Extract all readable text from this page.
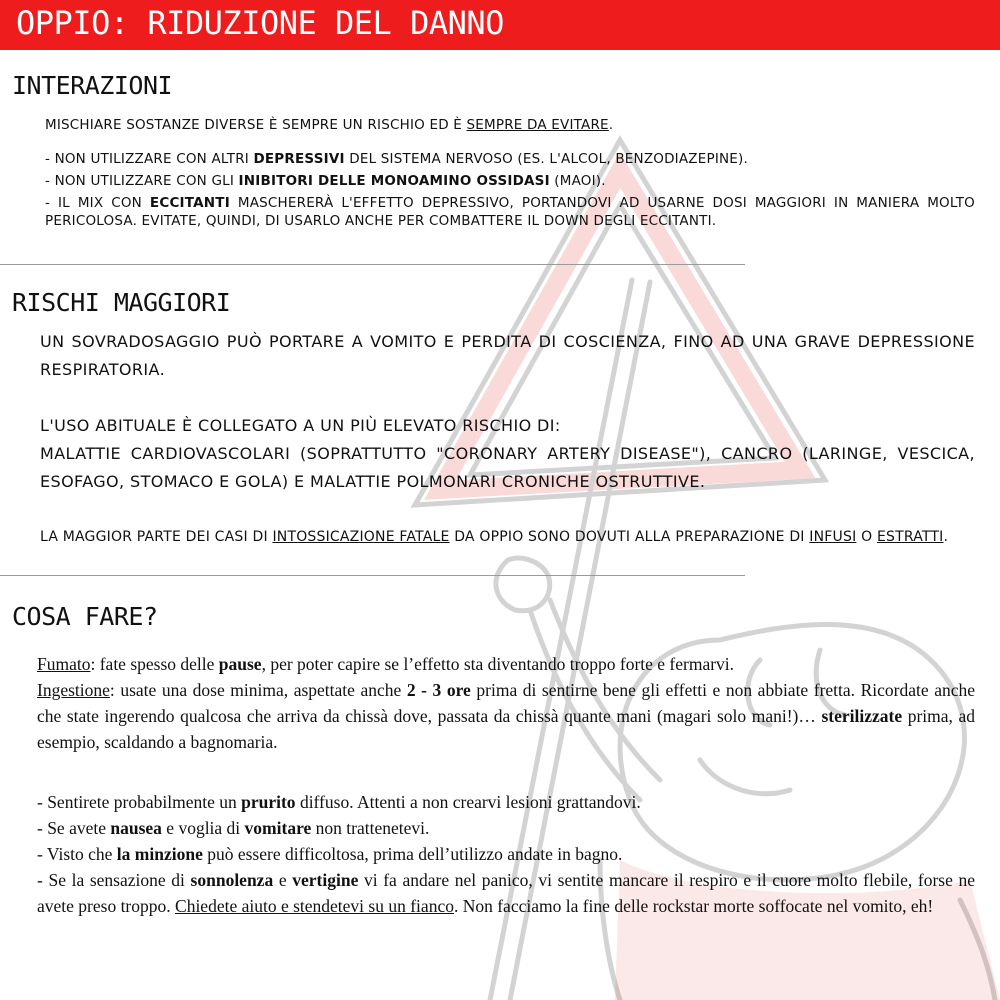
OPPIO: RIDUZIONE DEL DANNO
INTERAZIONI
MISCHIARE SOSTANZE DIVERSE È SEMPRE UN RISCHIO ED È SEMPRE DA EVITARE.

- NON UTILIZZARE CON ALTRI DEPRESSIVI DEL SISTEMA NERVOSO (ES. L'ALCOL, BENZODIAZEPINE).

- NON UTILIZZARE CON GLI INIBITORI DELLE MONOAMINO OSSIDASI (MAOI).

- IL MIX CON ECCITANTI MASCHERERÀ L'EFFETTO DEPRESSIVO, PORTANDOVI AD USARNE DOSI MAGGIORI IN MANIERA MOLTO PERICOLOSA. EVITATE, QUINDI, DI USARLO ANCHE PER COMBATTERE IL DOWN DEGLI ECCITANTI.

RISCHI MAGGIORI

UN SOVRADOSAGGIO PUÒ PORTARE A VOMITO E PERDITA DI COSCIENZA, FINO AD UNA GRAVE DEPRESSIONE RESPIRATORIA.

L'USO ABITUALE È COLLEGATO A UN PIÙ ELEVATO RISCHIO DI:

MALATTIE CARDIOVASCOLARI (SOPRATTUTTO "CORONARY ARTERY DISEASE"), CANCRO (LARINGE, VESCICA, ESOFAGO, STOMACO E GOLA) E MALATTIE POLMONARI CRONICHE OSTRUTTIVE.

LA MAGGIOR PARTE DEI CASI DI INTOSSICAZIONE FATALE DA OPPIO SONO DOVUTI ALLA PREPARAZIONE DI INFUSI O ESTRATTI.
COSA FARE?

Fumato: fate spesso delle pause, per poter capire se l’effetto sta diventando troppo forte e fermarvi.

Ingestione: usate una dose minima, aspettate anche 2 - 3 ore prima di sentirne bene gli effetti e non abbiate fretta. Ricordate anche che state ingerendo qualcosa che arriva da chissà dove, passata da chissà quante mani (magari solo mani!)… sterilizzate prima, ad esempio, scaldando a bagnomaria.

- Sentirete probabilmente un prurito diffuso. Attenti a non crearvi lesioni grattandovi.

- Se avete nausea e voglia di vomitare non trattenetevi.

- Visto che la minzione può essere difficoltosa, prima dell’utilizzo andate in bagno.

- Se la sensazione di sonnolenza e vertigine vi fa andare nel panico, vi sentite mancare il respiro e il cuore molto flebile, forse ne avete preso troppo. Chiedete aiuto e stendetevi su un fianco. Non facciamo la fine delle rockstar morte soffocate nel vomito, eh!
